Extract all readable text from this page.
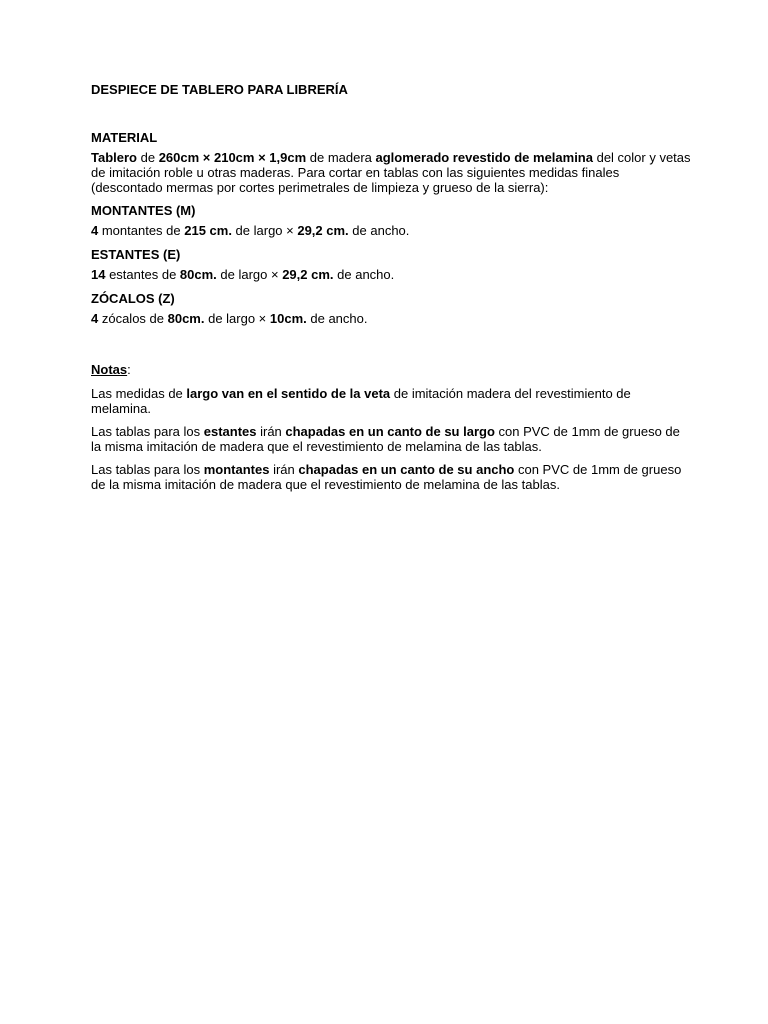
DESPIECE DE TABLERO PARA LIBRERÍA
MATERIAL
Tablero de 260cm × 210cm × 1,9cm de madera aglomerado revestido de melamina del color y vetas de imitación roble u otras maderas. Para cortar en tablas con las siguientes medidas finales (descontado mermas por cortes perimetrales de limpieza y grueso de la sierra):
MONTANTES (M)
4 montantes de 215 cm. de largo × 29,2 cm. de ancho.
ESTANTES (E)
14 estantes de 80cm. de largo × 29,2 cm. de ancho.
ZÓCALOS (Z)
4 zócalos de 80cm. de largo × 10cm. de ancho.
Notas:
Las medidas de largo van en el sentido de la veta de imitación madera del revestimiento de melamina.
Las tablas para los estantes irán chapadas en un canto de su largo con PVC de 1mm de grueso de la misma imitación de madera que el revestimiento de melamina de las tablas.
Las tablas para los montantes irán chapadas en un canto de su ancho con PVC de 1mm de grueso de la misma imitación de madera que el revestimiento de melamina de las tablas.
